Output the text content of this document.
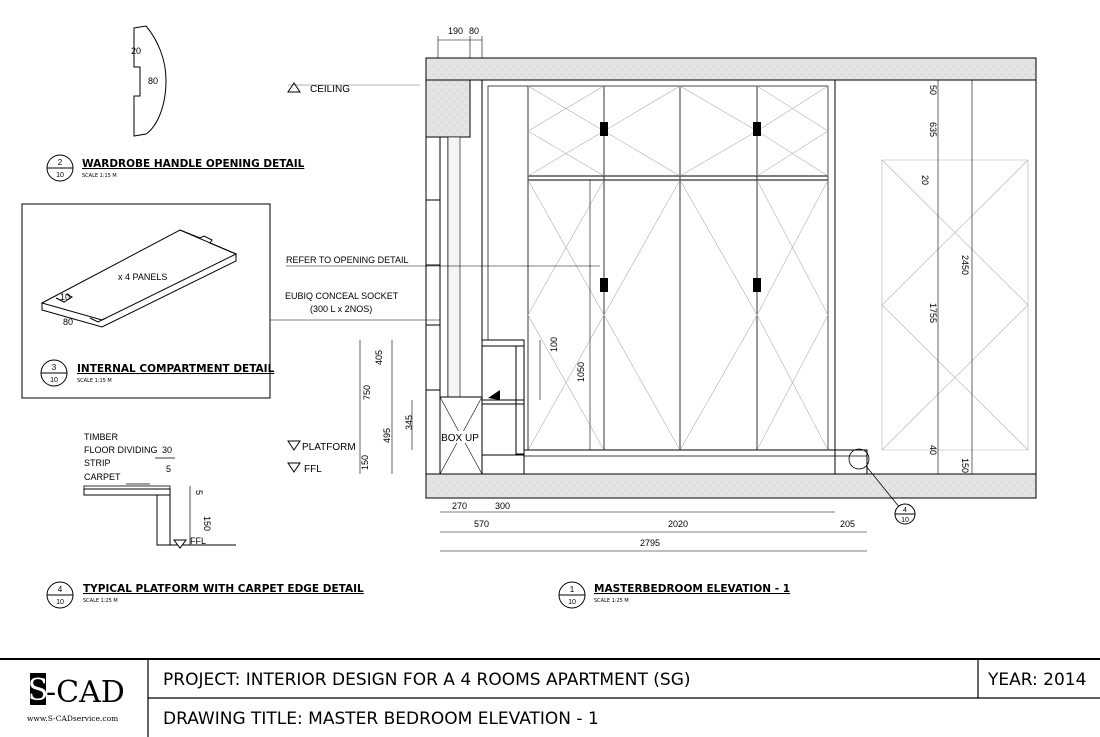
20
80
2
10
WARDROBE HANDLE OPENING DETAIL
SCALE 1:15 M
x 4 PANELS
10
80
3
10
INTERNAL COMPARTMENT DETAIL
SCALE 1:15 M
TIMBER
FLOOR DIVIDING
STRIP
CARPET
30
5
150
5
FFL
4
10
TYPICAL PLATFORM WITH CARPET EDGE DETAIL
SCALE 1:25 M
BOX UP
4
10
CEILING
PLATFORM
FFL
REFER TO OPENING DETAIL
EUBIQ CONCEAL SOCKET
(300 L x 2NOS)
190 80
50
635
20
2450
1755
40
150
405
750
345
495
150
100
1050
270	300
570	2020	205
2795
1
10
MASTERBEDROOM ELEVATION - 1
SCALE 1:25 M
S
-CAD
www.S-CADservice.com
PROJECT: INTERIOR DESIGN FOR A 4 ROOMS APARTMENT (SG)
DRAWING TITLE: MASTER BEDROOM ELEVATION - 1
YEAR: 2014
